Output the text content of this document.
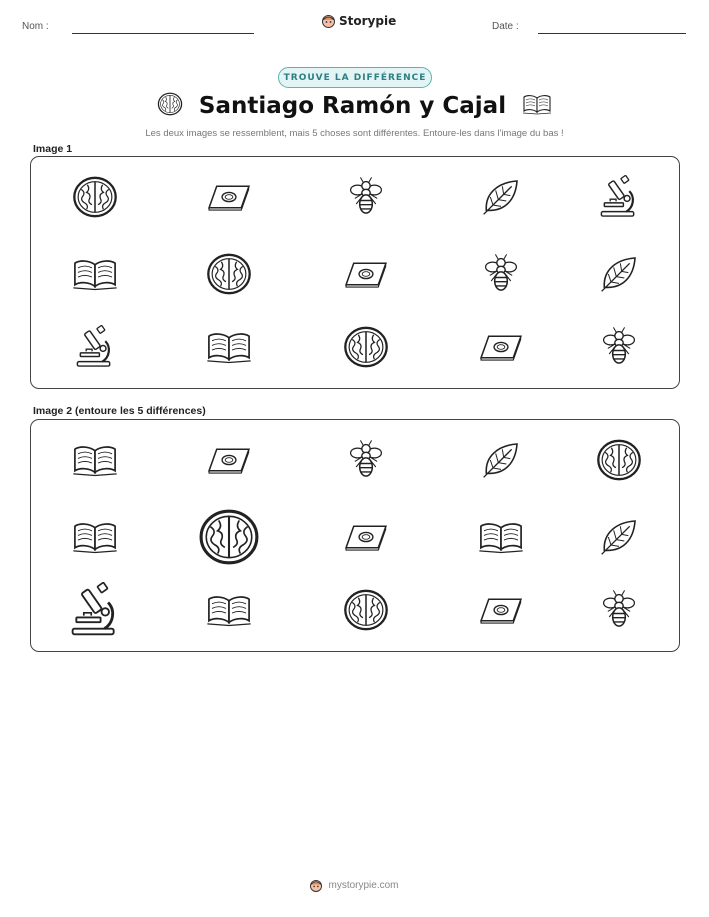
Nom :	Storypie	Date :
TROUVE LA DIFFÉRENCE
Santiago Ramón y Cajal
Les deux images se ressemblent, mais 5 choses sont différentes. Entoure-les dans l'image du bas !
Image 1
Image 2 (entoure les 5 différences)
mystorypie.com
